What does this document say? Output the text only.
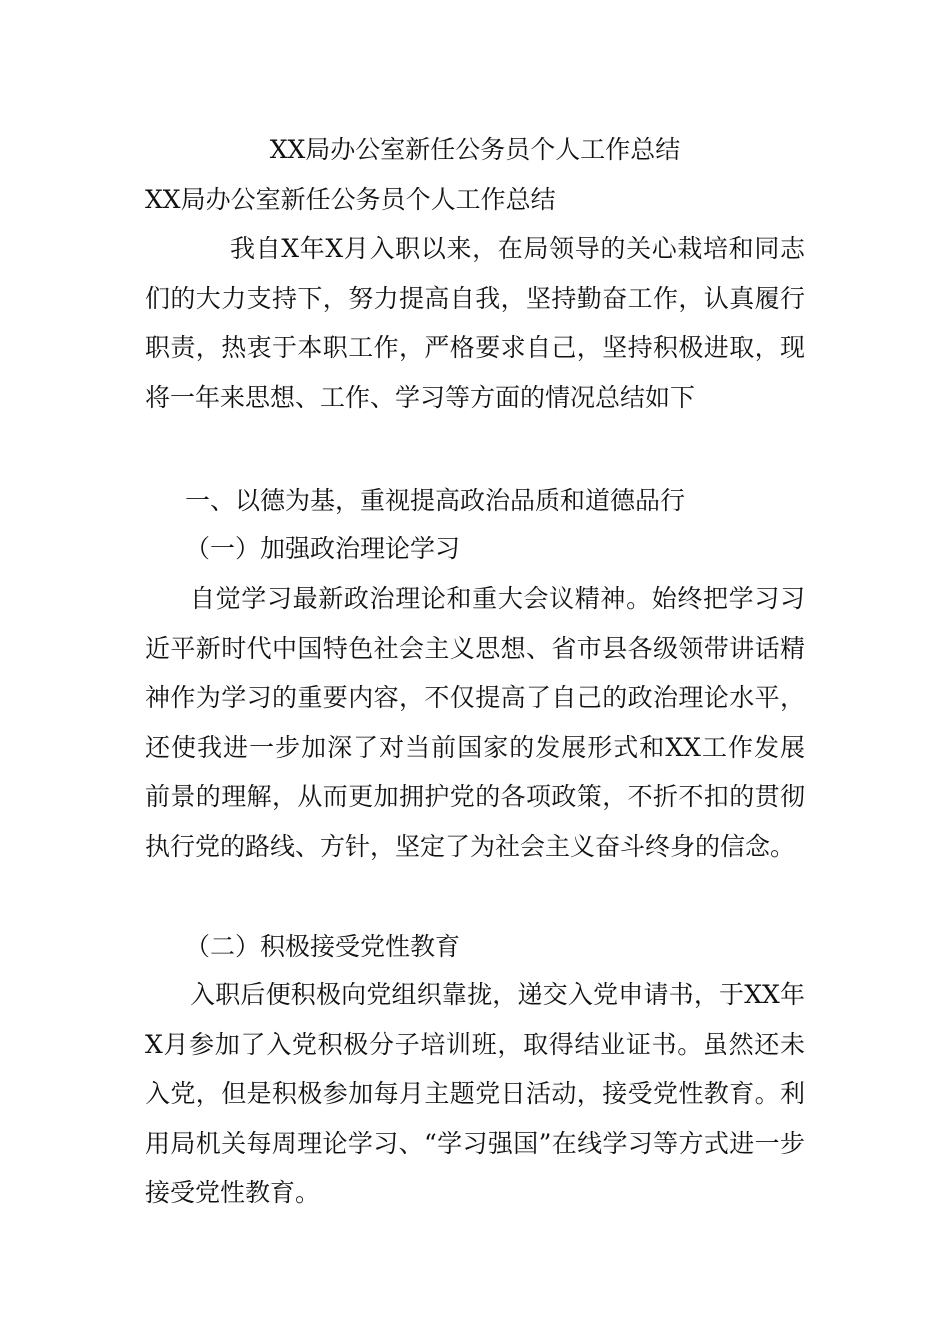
XX局办公室新任公务员个人工作总结
XX局办公室新任公务员个人工作总结

我自X年X月入职以来，在局领导的关心栽培和同志们的大力支持下，努力提高自我，坚持勤奋工作，认真履行职责，热衷于本职工作，严格要求自己，坚持积极进取，现将一年来思想、工作、学习等方面的情况总结如下

一、以德为基，重视提高政治品质和道德品行

（一）加强政治理论学习

自觉学习最新政治理论和重大会议精神。始终把学习习近平新时代中国特色社会主义思想、省市县各级领带讲话精神作为学习的重要内容，不仅提高了自己的政治理论水平，还使我进一步加深了对当前国家的发展形式和XX工作发展前景的理解，从而更加拥护党的各项政策，不折不扣的贯彻执行党的路线、方针，坚定了为社会主义奋斗终身的信念。

（二）积极接受党性教育

入职后便积极向党组织靠拢，递交入党申请书，于XX年X月参加了入党积极分子培训班，取得结业证书。虽然还未入党，但是积极参加每月主题党日活动，接受党性教育。利用局机关每周理论学习、“学习强国”在线学习等方式进一步接受党性教育。
